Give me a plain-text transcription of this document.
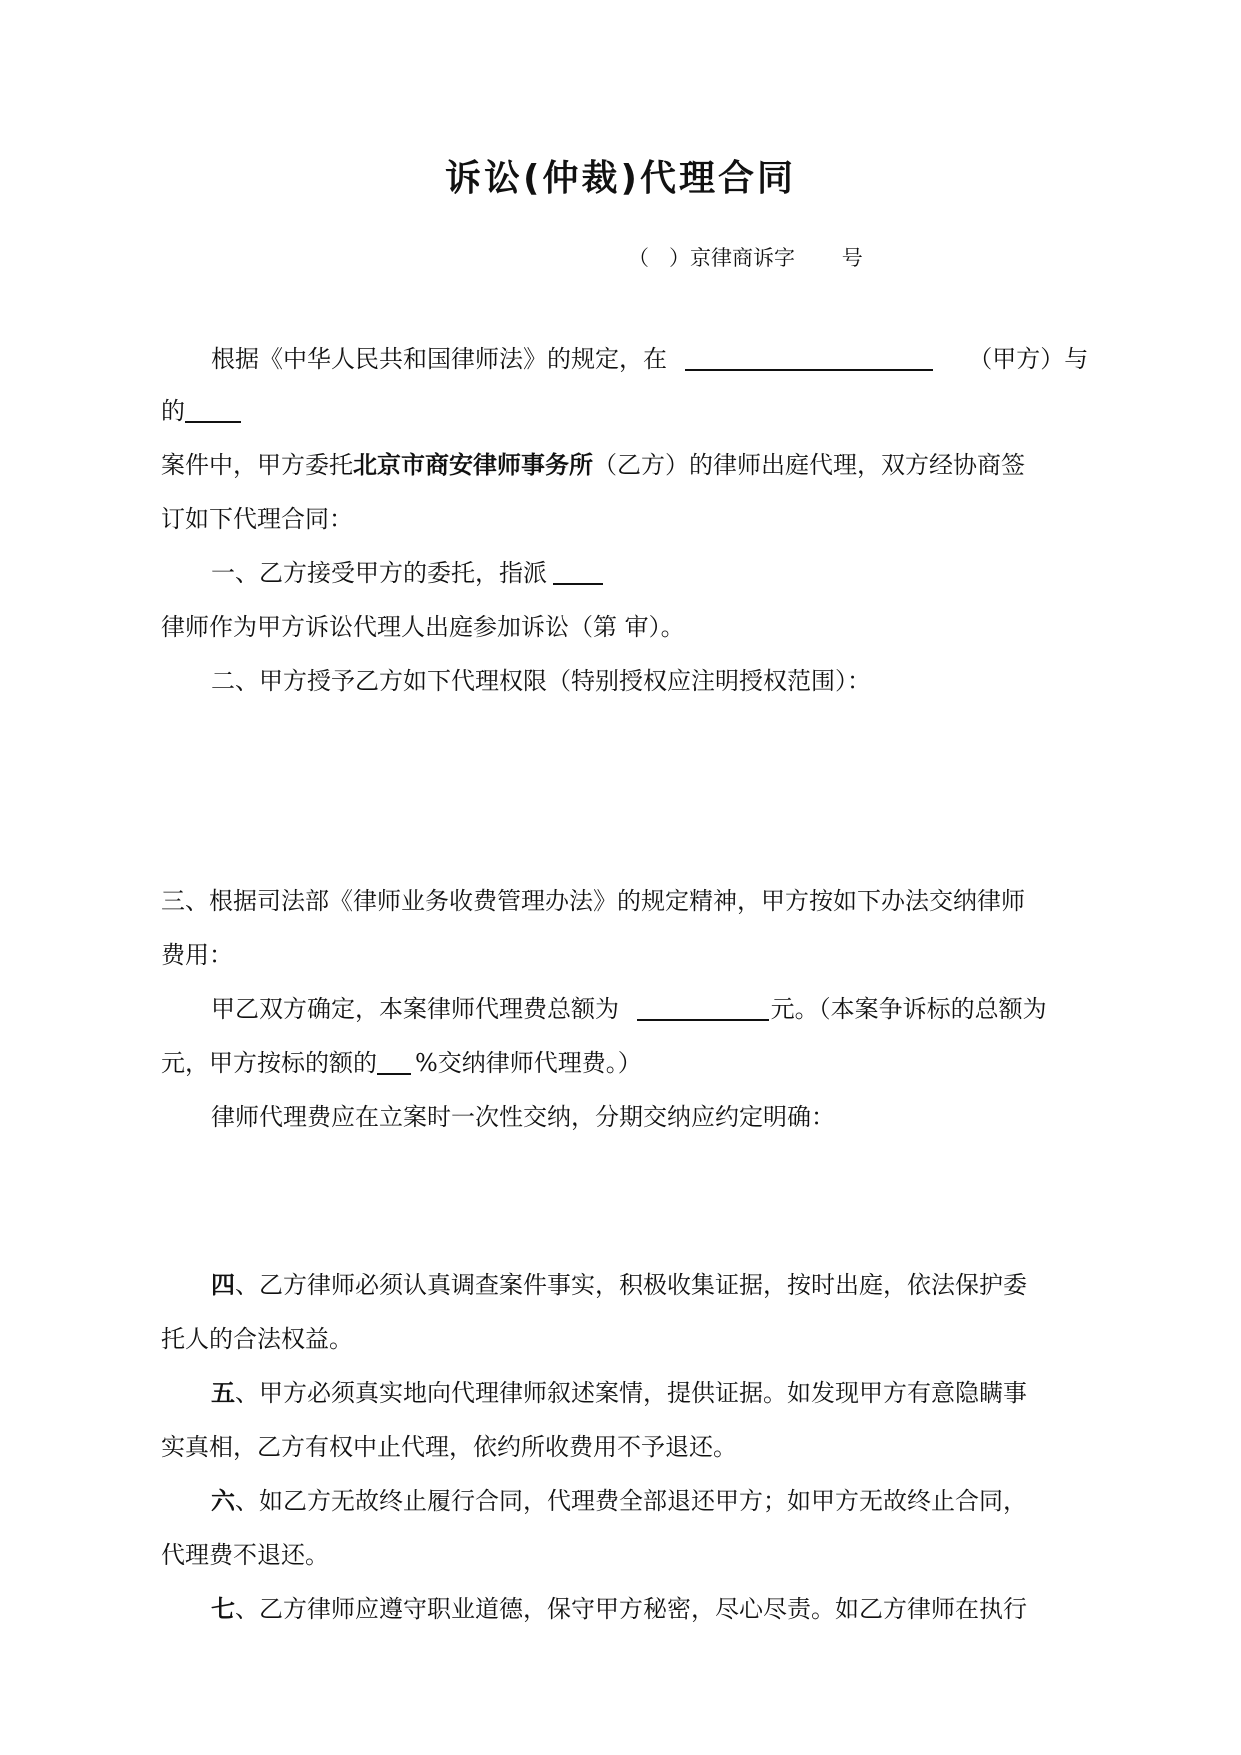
诉讼(仲裁)代理合同
（   ）京律商诉字       号
根据《中华人民共和国律师法》的规定，在	（甲方）与
的
案件中，甲方委托北京市商安律师事务所（乙方）的律师出庭代理，双方经协商签
订如下代理合同：
一、乙方接受甲方的委托，指派
律师作为甲方诉讼代理人出庭参加诉讼（第 审）。
二、甲方授予乙方如下代理权限（特别授权应注明授权范围）：
三、根据司法部《律师业务收费管理办法》的规定精神，甲方按如下办法交纳律师
费用：
甲乙双方确定，本案律师代理费总额为	元。（本案争诉标的总额为
元，甲方按标的额的 %交纳律师代理费。）
律师代理费应在立案时一次性交纳，分期交纳应约定明确：
四、乙方律师必须认真调查案件事实，积极收集证据，按时出庭，依法保护委
托人的合法权益。
五、甲方必须真实地向代理律师叙述案情，提供证据。如发现甲方有意隐瞒事
实真相，乙方有权中止代理，依约所收费用不予退还。
六、如乙方无故终止履行合同，代理费全部退还甲方；如甲方无故终止合同，
代理费不退还。
七、乙方律师应遵守职业道德，保守甲方秘密，尽心尽责。如乙方律师在执行
